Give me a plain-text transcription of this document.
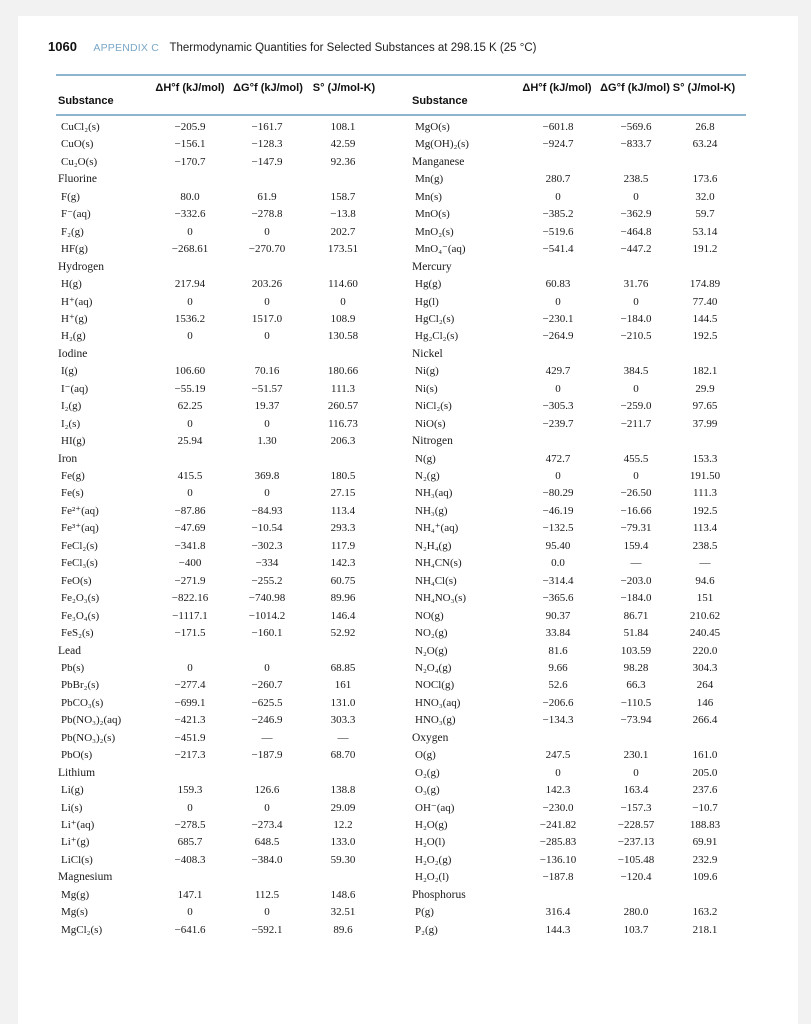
1060 APPENDIX C Thermodynamic Quantities for Selected Substances at 298.15 K (25 °C)
Substance
ΔH°f (kJ/mol) ΔG°f (kJ/mol) S° (J/mol-K)
Substance
ΔH°f (kJ/mol) ΔG°f (kJ/mol) S° (J/mol-K)
CuCl₂(s)	−205.9	−161.7	108.1
CuO(s)	−156.1	−128.3	42.59
Cu₂O(s)	−170.7	−147.9	92.36
Fluorine
F(g)	80.0	61.9	158.7
F⁻(aq)	−332.6	−278.8	−13.8
F₂(g)	0	0	202.7
HF(g)	−268.61	−270.70	173.51
Hydrogen
H(g)	217.94	203.26	114.60
H⁺(aq)	0	0	0
H⁺(g)	1536.2	1517.0	108.9
H₂(g)	0	0	130.58
Iodine
I(g)	106.60	70.16	180.66
I⁻(aq)	−55.19	−51.57	111.3
I₂(g)	62.25	19.37	260.57
I₂(s)	0	0	116.73
HI(g)	25.94	1.30	206.3
Iron
Fe(g)	415.5	369.8	180.5
Fe(s)	0	0	27.15
Fe²⁺(aq)	−87.86	−84.93	113.4
Fe³⁺(aq)	−47.69	−10.54	293.3
FeCl₂(s)	−341.8	−302.3	117.9
FeCl₃(s)	−400	−334	142.3
FeO(s)	−271.9	−255.2	60.75
Fe₂O₃(s)	−822.16	−740.98	89.96
Fe₃O₄(s)	−1117.1	−1014.2	146.4
FeS₂(s)	−171.5	−160.1	52.92
Lead
Pb(s)	0	0	68.85
PbBr₂(s)	−277.4	−260.7	161
PbCO₃(s)	−699.1	−625.5	131.0
Pb(NO₃)₂(aq)	−421.3	−246.9	303.3
Pb(NO₃)₂(s)	−451.9	—	—
PbO(s)	−217.3	−187.9	68.70
Lithium
Li(g)	159.3	126.6	138.8
Li(s)	0	0	29.09
Li⁺(aq)	−278.5	−273.4	12.2
Li⁺(g)	685.7	648.5	133.0
LiCl(s)	−408.3	−384.0	59.30
Magnesium
Mg(g)	147.1	112.5	148.6
Mg(s)	0	0	32.51
MgCl₂(s)	−641.6	−592.1	89.6
MgO(s)	−601.8	−569.6	26.8
Mg(OH)₂(s)	−924.7	−833.7	63.24
Manganese
Mn(g)	280.7	238.5	173.6
Mn(s)	0	0	32.0
MnO(s)	−385.2	−362.9	59.7
MnO₂(s)	−519.6	−464.8	53.14
MnO₄⁻(aq)	−541.4	−447.2	191.2
Mercury
Hg(g)	60.83	31.76	174.89
Hg(l)	0	0	77.40
HgCl₂(s)	−230.1	−184.0	144.5
Hg₂Cl₂(s)	−264.9	−210.5	192.5
Nickel
Ni(g)	429.7	384.5	182.1
Ni(s)	0	0	29.9
NiCl₂(s)	−305.3	−259.0	97.65
NiO(s)	−239.7	−211.7	37.99
Nitrogen
N(g)	472.7	455.5	153.3
N₂(g)	0	0	191.50
NH₃(aq)	−80.29	−26.50	111.3
NH₃(g)	−46.19	−16.66	192.5
NH₄⁺(aq)	−132.5	−79.31	113.4
N₂H₄(g)	95.40	159.4	238.5
NH₄CN(s)	0.0	—	—
NH₄Cl(s)	−314.4	−203.0	94.6
NH₄NO₃(s)	−365.6	−184.0	151
NO(g)	90.37	86.71	210.62
NO₂(g)	33.84	51.84	240.45
N₂O(g)	81.6	103.59	220.0
N₂O₄(g)	9.66	98.28	304.3
NOCl(g)	52.6	66.3	264
HNO₃(aq)	−206.6	−110.5	146
HNO₃(g)	−134.3	−73.94	266.4
Oxygen
O(g)	247.5	230.1	161.0
O₂(g)	0	0	205.0
O₃(g)	142.3	163.4	237.6
OH⁻(aq)	−230.0	−157.3	−10.7
H₂O(g)	−241.82	−228.57	188.83
H₂O(l)	−285.83	−237.13	69.91
H₂O₂(g)	−136.10	−105.48	232.9
H₂O₂(l)	−187.8	−120.4	109.6
Phosphorus
P(g)	316.4	280.0	163.2
P₂(g)	144.3	103.7	218.1
